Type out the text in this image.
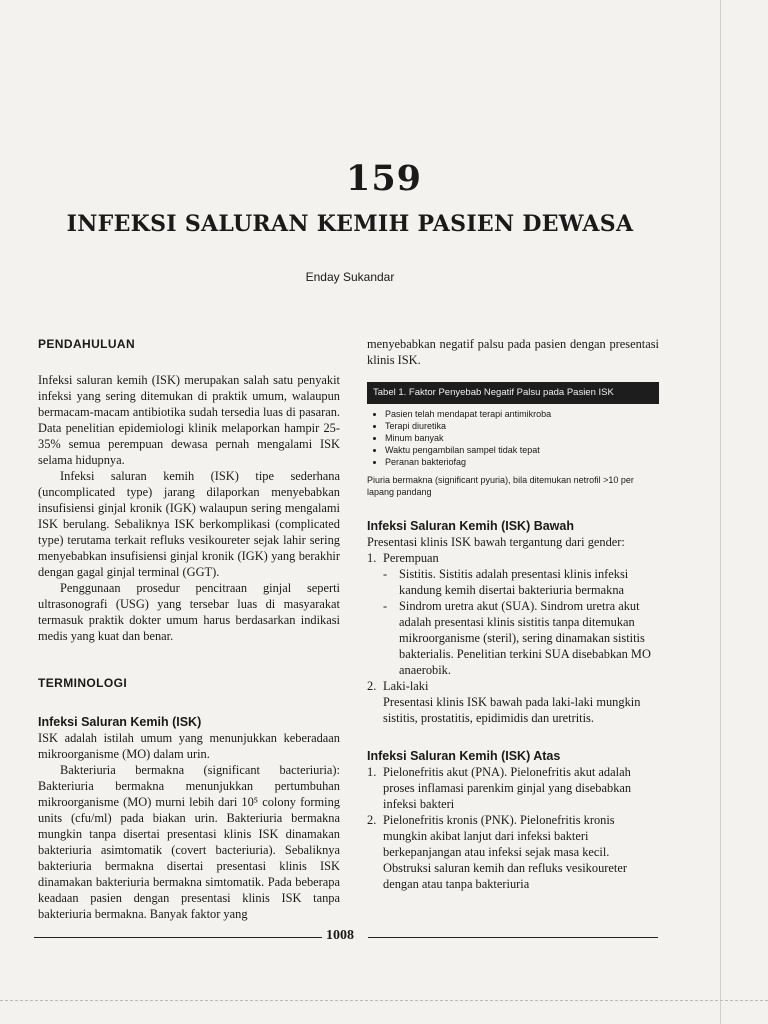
159
INFEKSI SALURAN KEMIH PASIEN DEWASA
Enday Sukandar
PENDAHULUAN

Infeksi saluran kemih (ISK) merupakan salah satu penyakit infeksi yang sering ditemukan di praktik umum, walaupun bermacam-macam antibiotika sudah tersedia luas di pasaran. Data penelitian epidemiologi klinik melaporkan hampir 25-35% semua perempuan dewasa pernah mengalami ISK selama hidupnya.

Infeksi saluran kemih (ISK) tipe sederhana (uncomplicated type) jarang dilaporkan menyebabkan insufisiensi ginjal kronik (IGK) walaupun sering mengalami ISK berulang. Sebaliknya ISK berkomplikasi (complicated type) terutama terkait refluks vesikoureter sejak lahir sering menyebabkan insufisiensi ginjal kronik (IGK) yang berakhir dengan gagal ginjal terminal (GGT).

Penggunaan prosedur pencitraan ginjal seperti ultrasonografi (USG) yang tersebar luas di masyarakat termasuk praktik dokter umum harus berdasarkan indikasi medis yang kuat dan benar.

TERMINOLOGI
Infeksi Saluran Kemih (ISK)

ISK adalah istilah umum yang menunjukkan keberadaan mikroorganisme (MO) dalam urin.

Bakteriuria bermakna (significant bacteriuria): Bakteriuria bermakna menunjukkan pertumbuhan mikroorganisme (MO) murni lebih dari 10⁵ colony forming units (cfu/ml) pada biakan urin. Bakteriuria bermakna mungkin tanpa disertai presentasi klinis ISK dinamakan bakteriuria asimtomatik (covert bacteriuria). Sebaliknya bakteriuria bermakna disertai presentasi klinis ISK dinamakan bakteriuria bermakna simtomatik. Pada beberapa keadaan pasien dengan presentasi klinis ISK tanpa bakteriuria bermakna. Banyak faktor yang

menyebabkan negatif palsu pada pasien dengan presentasi klinis ISK.

Tabel 1. Faktor Penyebab Negatif Palsu pada Pasien ISK
• Pasien telah mendapat terapi antimikroba
• Terapi diuretika
• Minum banyak
• Waktu pengambilan sampel tidak tepat
• Peranan bakteriofag
Piuria bermakna (significant pyuria), bila ditemukan netrofil >10 per lapang pandang
Infeksi Saluran Kemih (ISK) Bawah

Presentasi klinis ISK bawah tergantung dari gender:

1. Perempuan
- Sistitis. Sistitis adalah presentasi klinis infeksi kandung kemih disertai bakteriuria bermakna
- Sindrom uretra akut (SUA). Sindrom uretra akut adalah presentasi klinis sistitis tanpa ditemukan mikroorganisme (steril), sering dinamakan sistitis bakterialis. Penelitian terkini SUA disebabkan MO anaerobik.
2. Laki-laki
Presentasi klinis ISK bawah pada laki-laki mungkin sistitis, prostatitis, epidimidis dan uretritis.
Infeksi Saluran Kemih (ISK) Atas
1. Pielonefritis akut (PNA). Pielonefritis akut adalah proses inflamasi parenkim ginjal yang disebabkan infeksi bakteri
2. Pielonefritis kronis (PNK). Pielonefritis kronis mungkin akibat lanjut dari infeksi bakteri berkepanjangan atau infeksi sejak masa kecil. Obstruksi saluran kemih dan refluks vesikoureter dengan atau tanpa bakteriuria
1008
